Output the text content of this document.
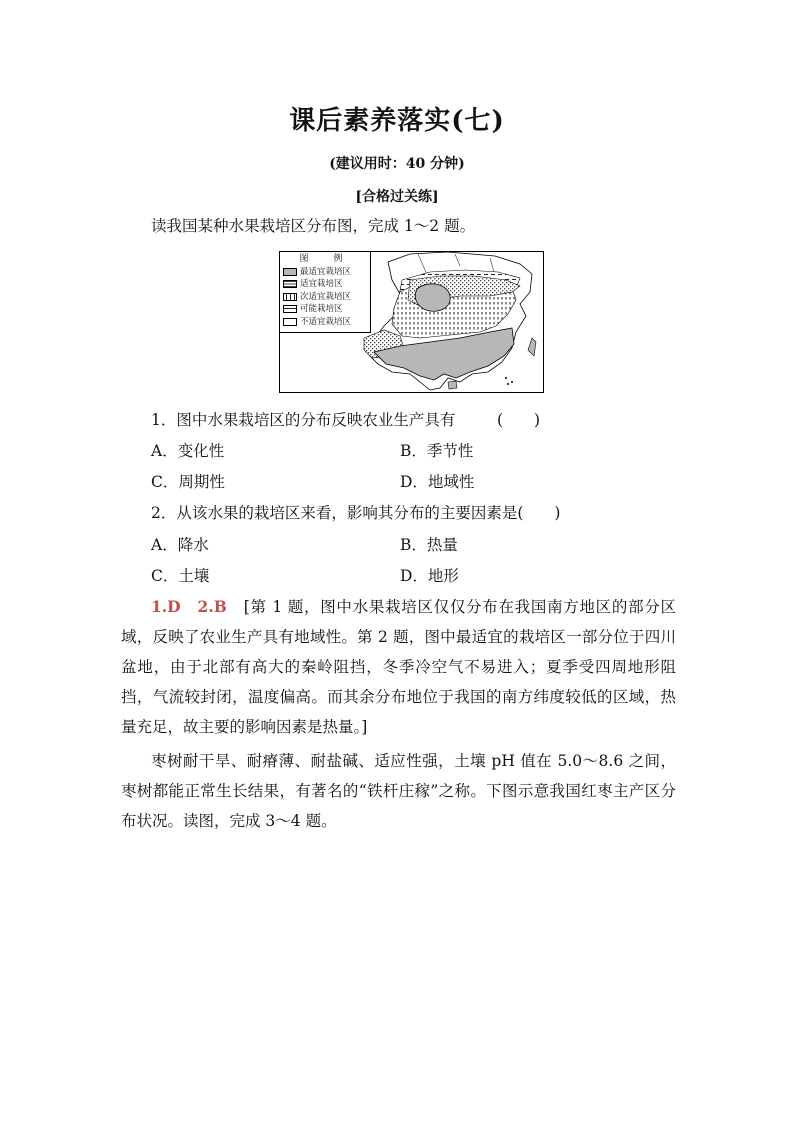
课后素养落实(七)
(建议用时：40 分钟)
[合格过关练]
读我国某种水果栽培区分布图，完成 1～2 题。
图　例
最适宜栽培区
适宜栽培区
次适宜栽培区
可能栽培区
不适宜栽培区
1．图中水果栽培区的分布反映农业生产具有	(　　)
A．变化性	B．季节性
C．周期性	D．地域性
2．从该水果的栽培区来看，影响其分布的主要因素是(　　)
A．降水	B．热量
C．土壤	D．地形
1.D　2.B　 [第 1 题，图中水果栽培区仅仅分布在我国南方地区的部分区域，反映了农业生产具有地域性。第 2 题，图中最适宜的栽培区一部分位于四川盆地，由于北部有高大的秦岭阻挡，冬季冷空气不易进入；夏季受四周地形阻挡，气流较封闭，温度偏高。而其余分布地位于我国的南方纬度较低的区域，热量充足，故主要的影响因素是热量。]
枣树耐干旱、耐瘠薄、耐盐碱、适应性强，土壤 pH 值在 5.0～8.6 之间，枣树都能正常生长结果，有著名的“铁杆庄稼”之称。下图示意我国红枣主产区分布状况。读图，完成 3～4 题。
